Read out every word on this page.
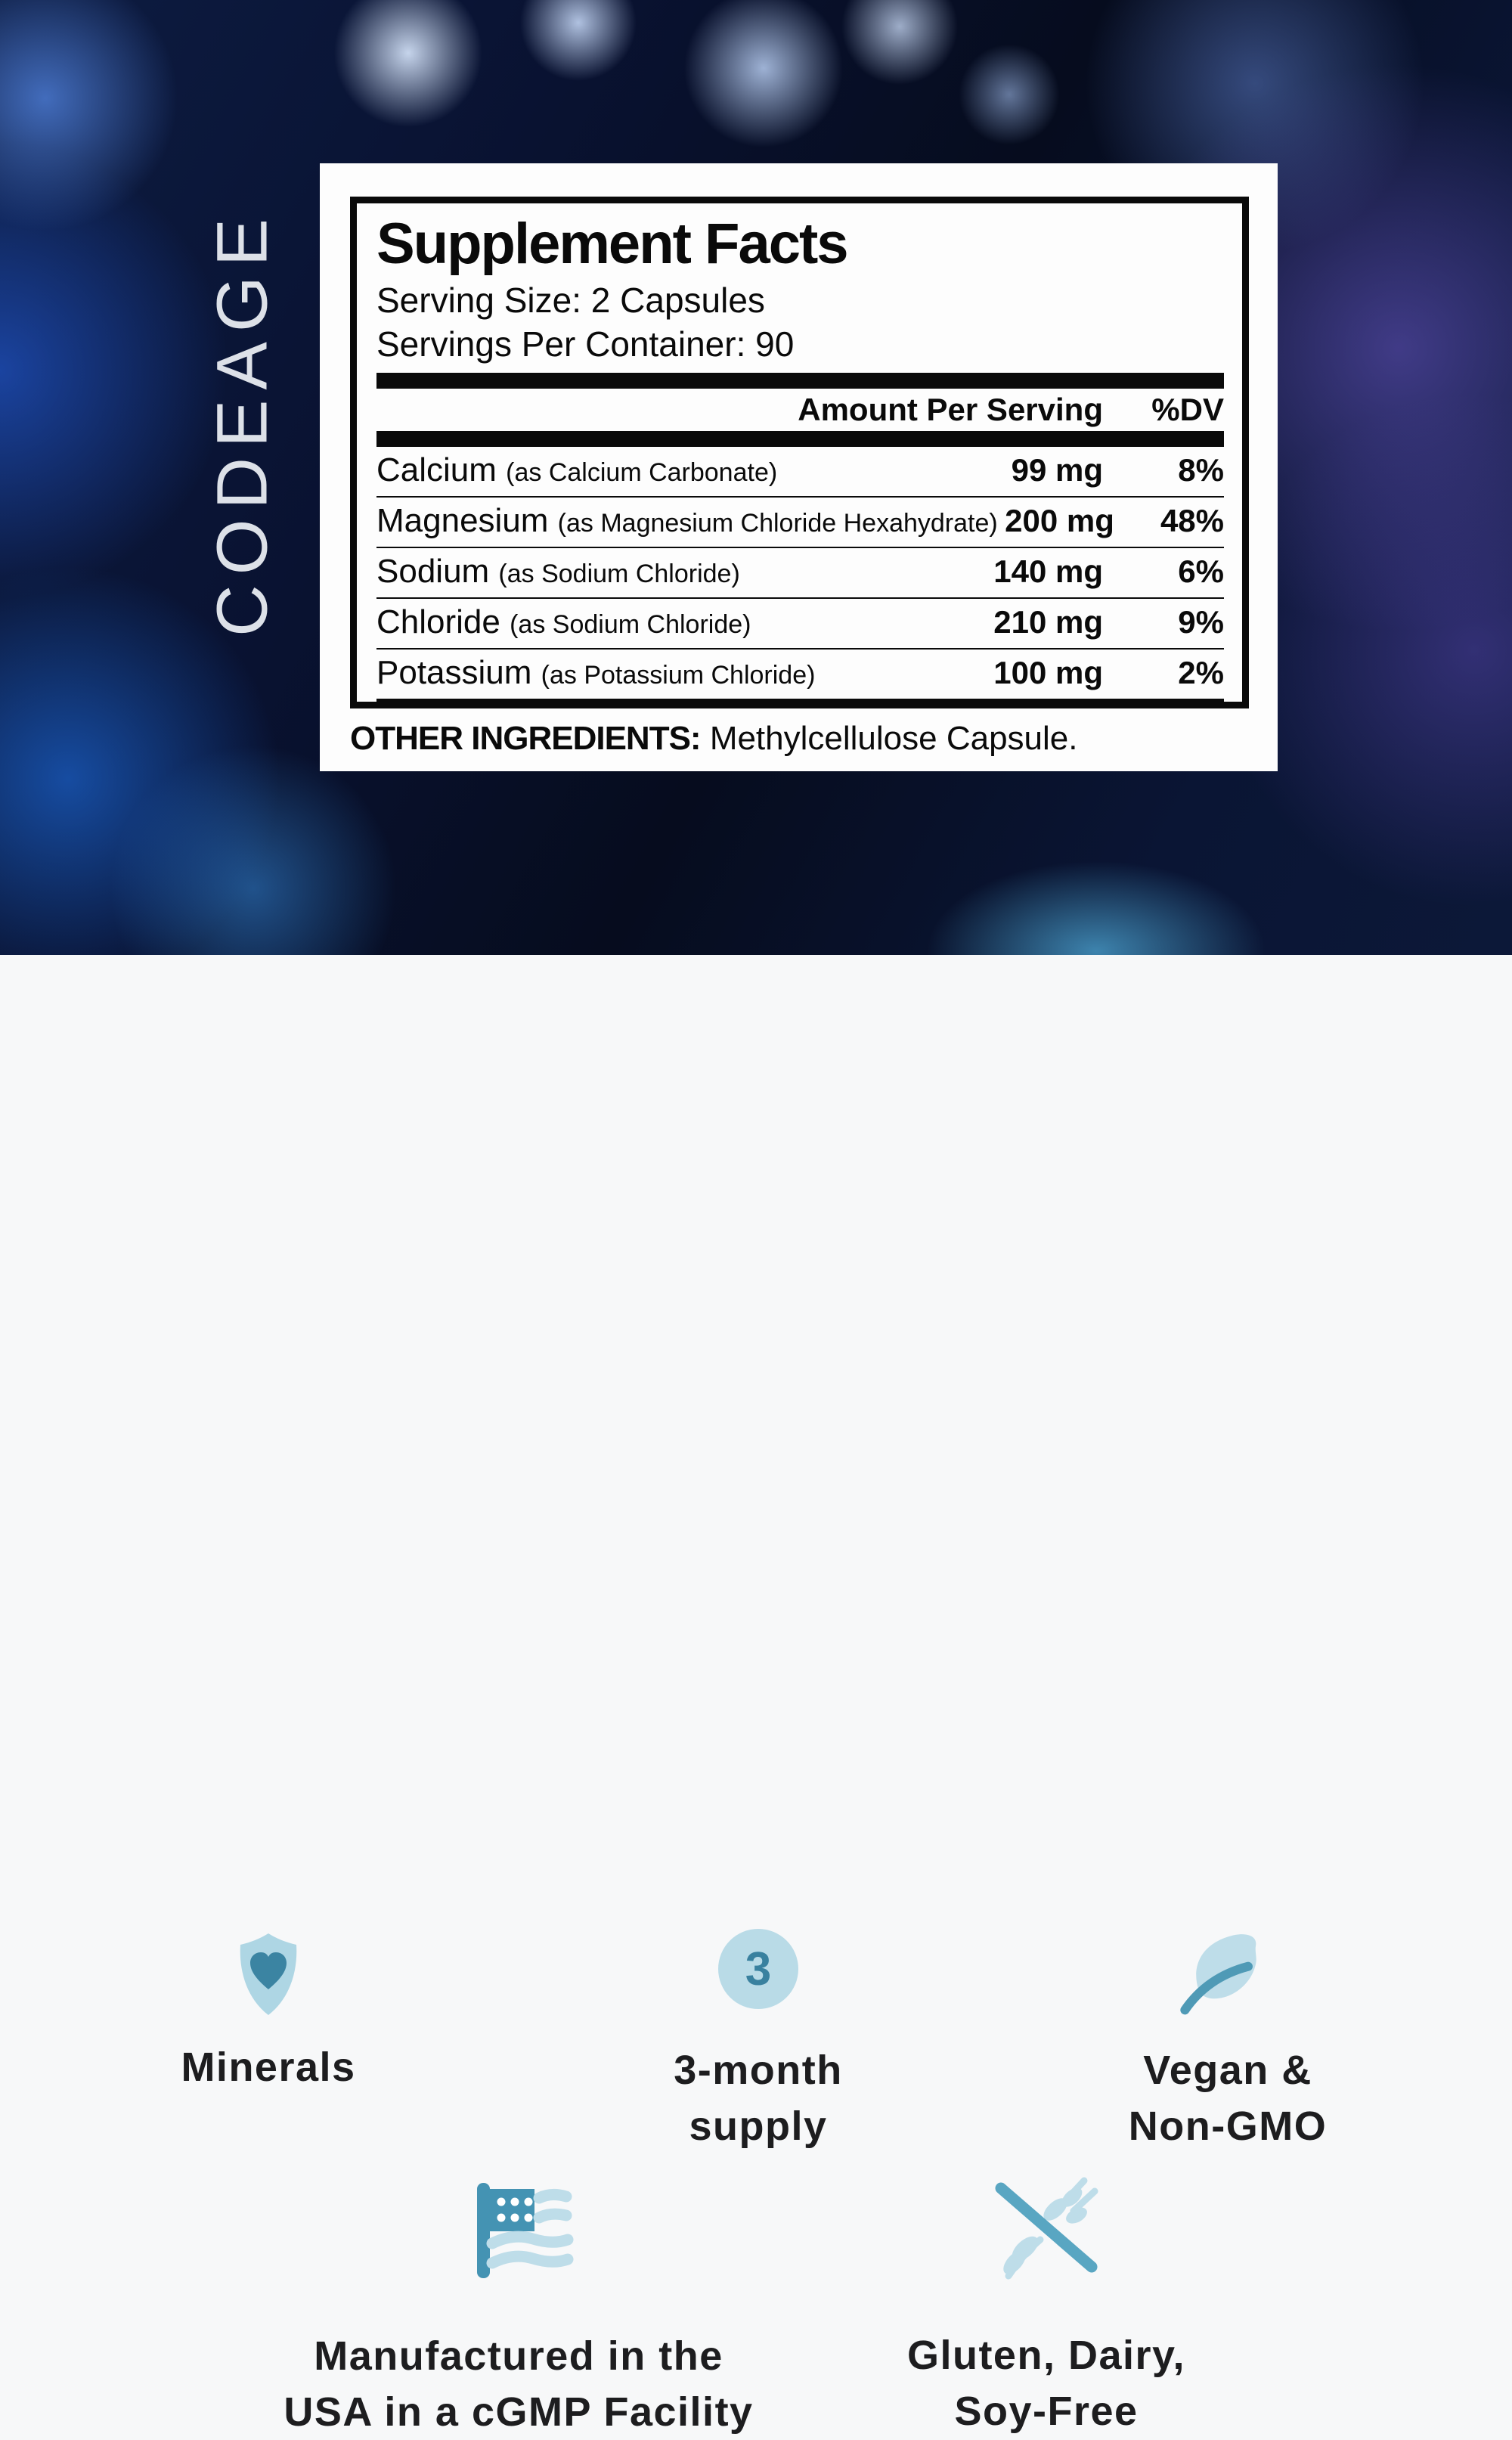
CODEAGE Supplement Facts
Serving Size: 2 Capsules
Servings Per Container: 90
Amount Per Serving	%DV
Calcium (as Calcium Carbonate)	99 mg	8%
Magnesium (as Magnesium Chloride Hexahydrate) 200 mg	48%
Sodium (as Sodium Chloride)	140 mg	6%
Chloride (as Sodium Chloride)	210 mg	9%
Potassium (as Potassium Chloride)	100 mg	2%
OTHER INGREDIENTS: Methylcellulose Capsule.
Minerals
3
3-month
supply
Vegan &
Non-GMO
Manufactured in the
USA in a cGMP Facility
Gluten, Dairy,
Soy-Free
